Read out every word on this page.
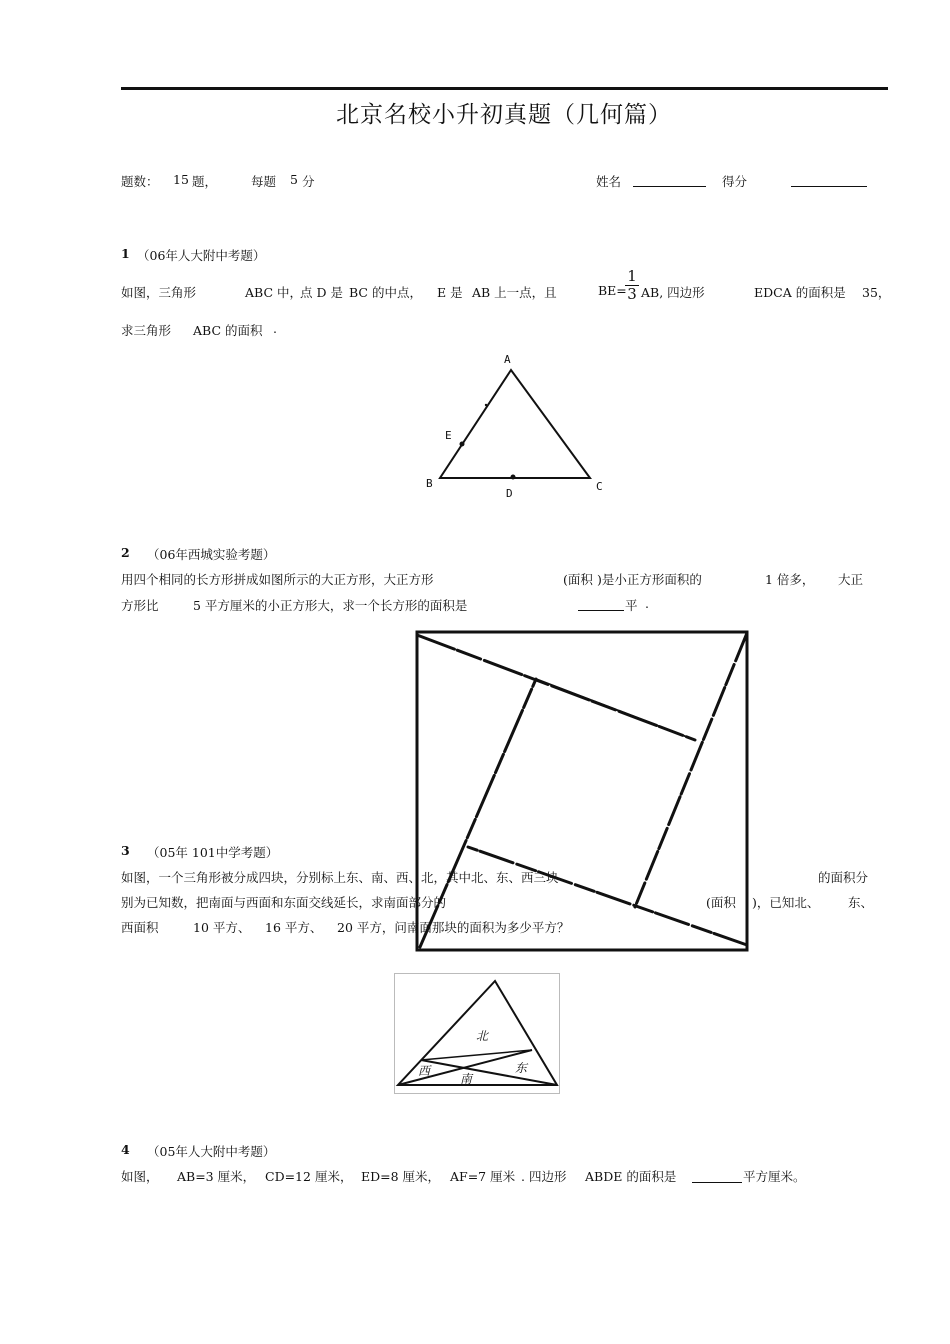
北京名校小升初真题（几何篇）
题数： 15 题，	每题 5 分	姓名	得分
1 （06年人大附中考题）
如图，三角形	ABC 中，
点 D 是 BC 的中点， E 是 AB 上一点，且	BE=
$\frac{1}{3}$ AB, 四边形	EDCA 的面积是 35，
求三角形 ABC 的面积 .
A
B	C
D
E
2 （06年西城实验考题）
用四个相同的长方形拼成如图所示的大正方形，大正方形	(面积 )是小正方形面积的	1 倍多， 大正
方形比	5 平方厘米的小正方形大，求一个长方形的面积是	平 .
3 （05年 101中学考题）
如图，一个三角形被分成四块，分别标上东、南、西、北，其中北、东、西三块	的面积分
别为已知数，把南面与西面和东面交线延长，求南面部分的	(面积 )，已知北、 东、
西面积	10 平方、 16 平方、 20 平方，问南面那块的面积为多少平方？
北
东
西
南
4 （05年人大附中考题）
如图， AB=3 厘米， CD=12 厘米， ED=8 厘米， AF=7 厘米 . 四边形 ABDE 的面积是	平方厘米。
